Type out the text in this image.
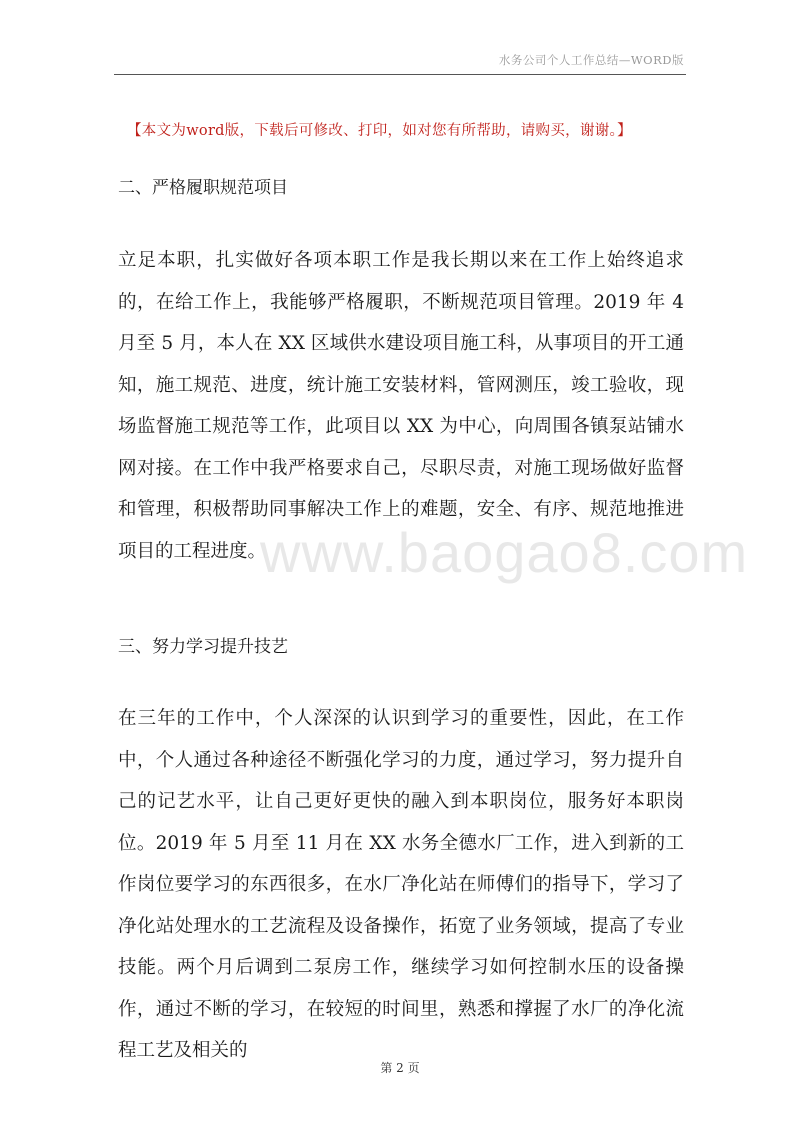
水务公司个人工作总结—WORD版
【本文为word版，下载后可修改、打印，如对您有所帮助，请购买，谢谢。】
二、严格履职规范项目
立足本职，扎实做好各项本职工作是我长期以来在工作上始终追求的，在给工作上，我能够严格履职，不断规范项目管理。2019 年 4 月至 5 月，本人在 XX 区域供水建设项目施工科，从事项目的开工通知，施工规范、进度，统计施工安装材料，管网测压，竣工验收，现场监督施工规范等工作，此项目以 XX 为中心，向周围各镇泵站铺水网对接。在工作中我严格要求自己，尽职尽责，对施工现场做好监督和管理，积极帮助同事解决工作上的难题，安全、有序、规范地推进项目的工程进度。
三、努力学习提升技艺
在三年的工作中，个人深深的认识到学习的重要性，因此，在工作中，个人通过各种途径不断强化学习的力度，通过学习，努力提升自己的记艺水平，让自己更好更快的融入到本职岗位，服务好本职岗位。2019 年 5 月至 11 月在 XX 水务全德水厂工作，进入到新的工作岗位要学习的东西很多，在水厂净化站在师傅们的指导下，学习了净化站处理水的工艺流程及设备操作，拓宽了业务领域，提高了专业技能。两个月后调到二泵房工作，继续学习如何控制水压的设备操作，通过不断的学习，在较短的时间里，熟悉和撑握了水厂的净化流程工艺及相关的
www.baogao8.com
第 2 页
